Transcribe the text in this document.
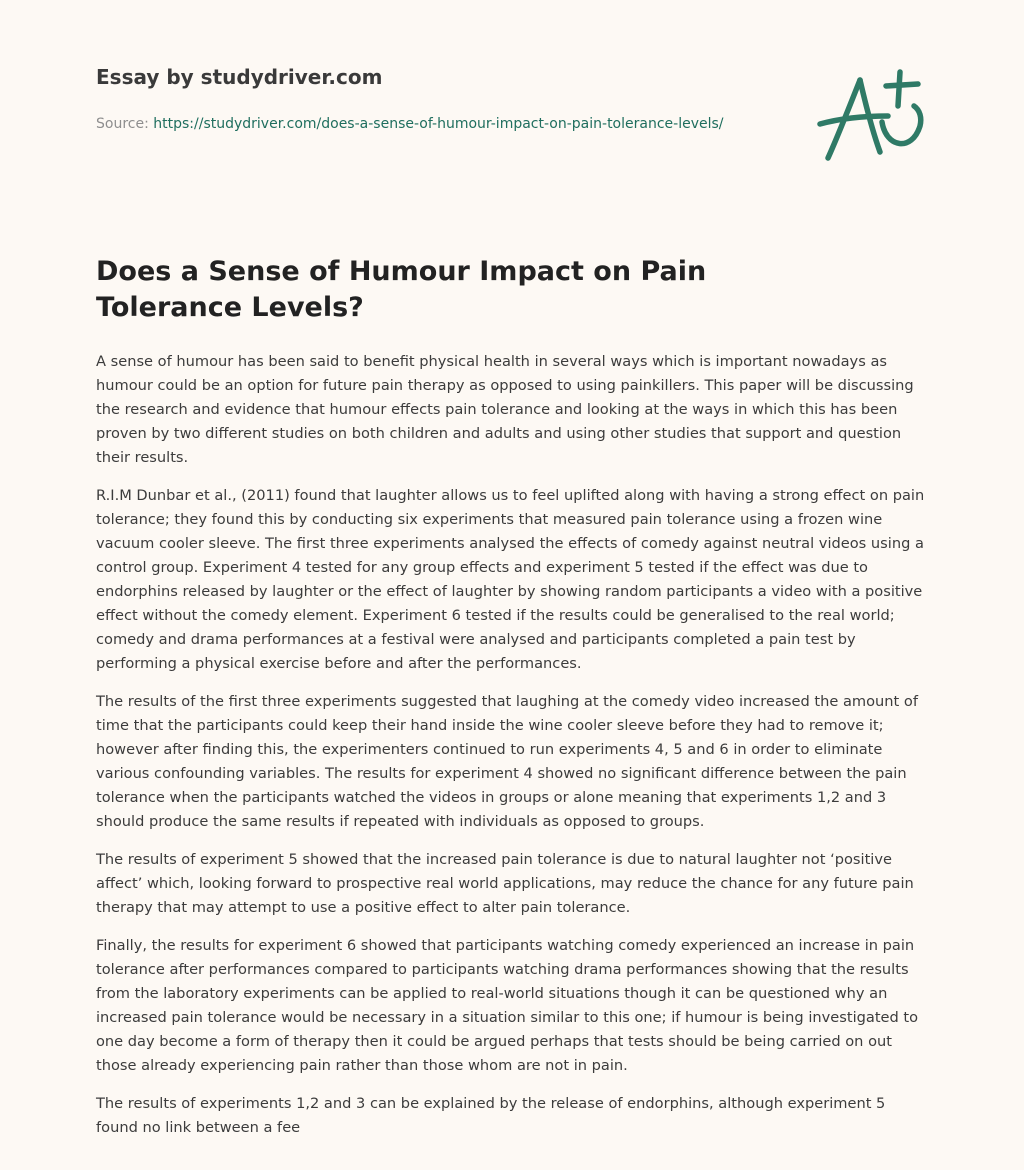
Essay by studydriver.com
Source: https://studydriver.com/does-a-sense-of-humour-impact-on-pain-tolerance-levels/
Does a Sense of Humour Impact on Pain Tolerance Levels?

A sense of humour has been said to benefit physical health in several ways which is important nowadays as humour could be an option for future pain therapy as opposed to using painkillers. This paper will be discussing the research and evidence that humour effects pain tolerance and looking at the ways in which this has been proven by two different studies on both children and adults and using other studies that support and question their results.

R.I.M Dunbar et al., (2011) found that laughter allows us to feel uplifted along with having a strong effect on pain tolerance; they found this by conducting six experiments that measured pain tolerance using a frozen wine vacuum cooler sleeve. The first three experiments analysed the effects of comedy against neutral videos using a control group. Experiment 4 tested for any group effects and experiment 5 tested if the effect was due to endorphins released by laughter or the effect of laughter by showing random participants a video with a positive effect without the comedy element. Experiment 6 tested if the results could be generalised to the real world; comedy and drama performances at a festival were analysed and participants completed a pain test by performing a physical exercise before and after the performances.

The results of the first three experiments suggested that laughing at the comedy video increased the amount of time that the participants could keep their hand inside the wine cooler sleeve before they had to remove it; however after finding this, the experimenters continued to run experiments 4, 5 and 6 in order to eliminate various confounding variables. The results for experiment 4 showed no significant difference between the pain tolerance when the participants watched the videos in groups or alone meaning that experiments 1,2 and 3 should produce the same results if repeated with individuals as opposed to groups.

The results of experiment 5 showed that the increased pain tolerance is due to natural laughter not ‘positive affect’ which, looking forward to prospective real world applications, may reduce the chance for any future pain therapy that may attempt to use a positive effect to alter pain tolerance.

Finally, the results for experiment 6 showed that participants watching comedy experienced an increase in pain tolerance after performances compared to participants watching drama performances showing that the results from the laboratory experiments can be applied to real-world situations though it can be questioned why an increased pain tolerance would be necessary in a situation similar to this one; if humour is being investigated to one day become a form of therapy then it could be argued perhaps that tests should be being carried on out those already experiencing pain rather than those whom are not in pain.

The results of experiments 1,2 and 3 can be explained by the release of endorphins, although experiment 5 found no link between a fee
